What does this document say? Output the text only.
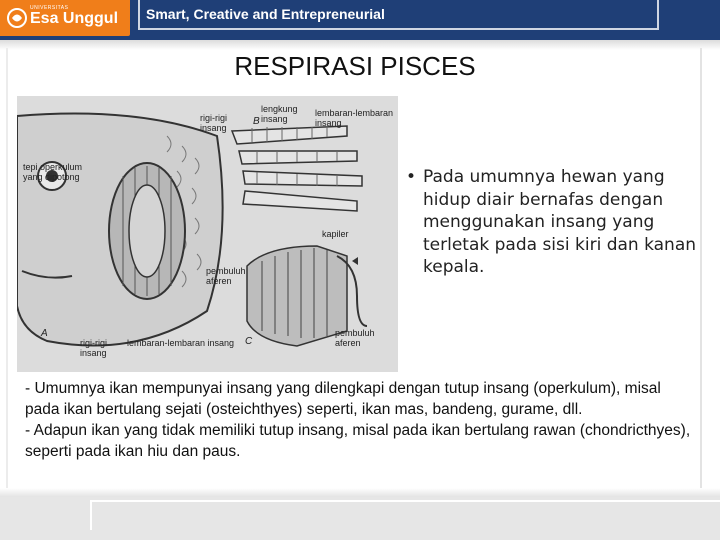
UNIVERSITAS
Esa Unggul Smart, Creative and Entrepreneurial
RESPIRASI PISCES
tepi operkulum
yang dipotong
rigi-rigi
insang
lengkung
insang
lembaran-lembaran
insang
B
kapiler
pembuluh
aferen
A
rigi-rigi
insang
lembaran-lembaran insang C
pembuluh
aferen
• Pada umumnya hewan yang hidup diair bernafas dengan menggunakan insang yang terletak pada sisi kiri dan kanan kepala.

- Umumnya ikan mempunyai insang yang dilengkapi dengan tutup insang (operkulum), misal pada ikan bertulang sejati (osteichthyes) seperti, ikan mas, bandeng, gurame, dll.

- Adapun ikan yang tidak memiliki tutup insang, misal pada ikan bertulang rawan (chondricthyes), seperti pada ikan hiu dan paus.
